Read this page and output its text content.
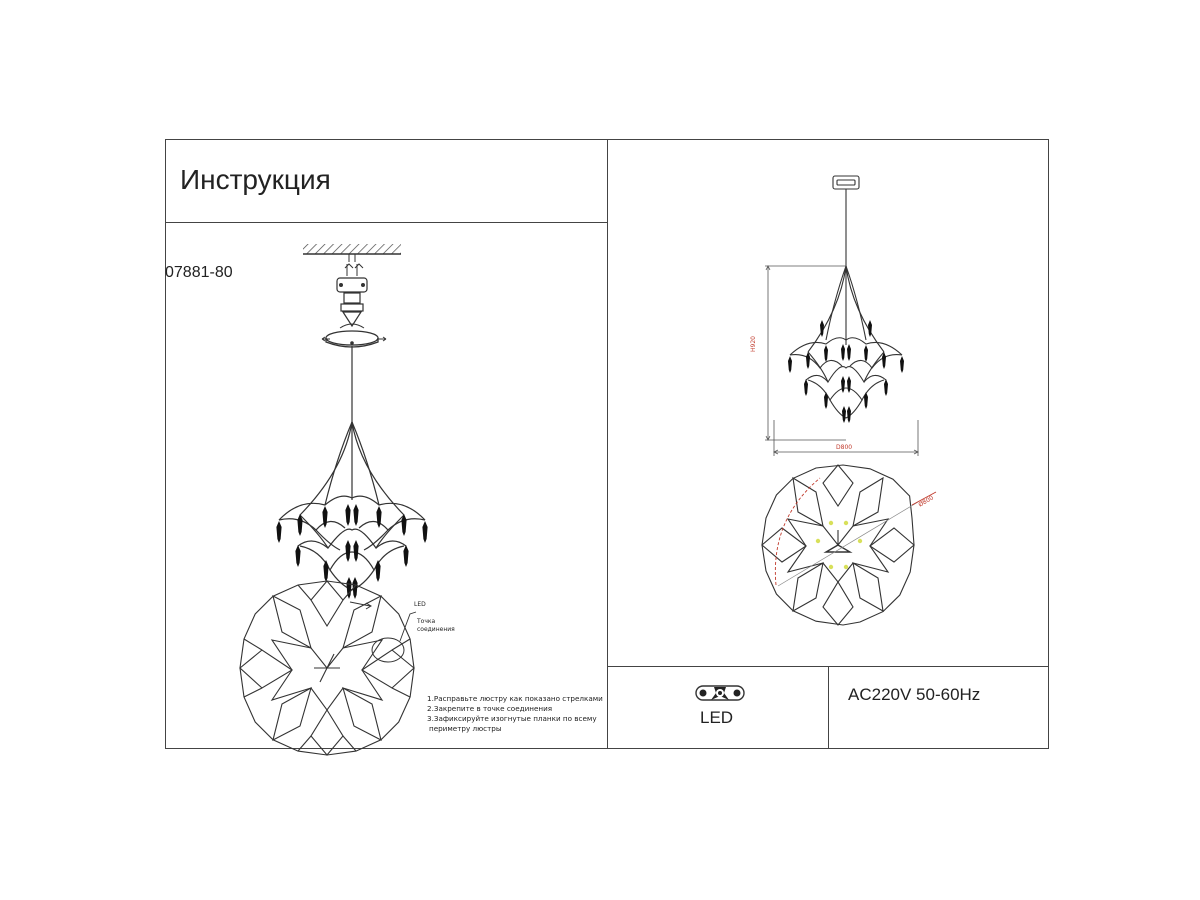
Инструкция
07881-80
1.Расправьте люстру как показано стрелками
2.Закрепите в точке соединения
3.Зафиксируйте изогнутые планки по всему
периметру люстры
LED
Точка
соединения
H920
D800
Ø800
LED
AC220V 50-60Hz
